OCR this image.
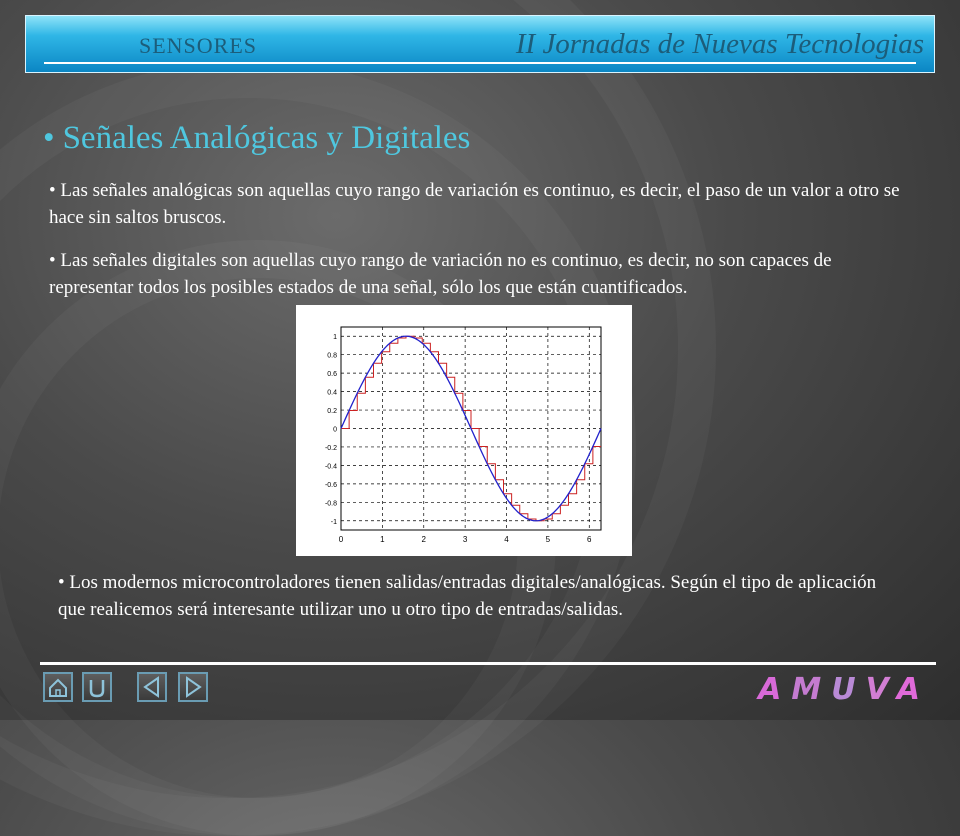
SENSORES	II Jornadas de Nuevas Tecnologias
• Señales Analógicas y Digitales
• Las señales analógicas son aquellas cuyo rango de variación es continuo, es decir, el paso de un valor a otro se hace sin saltos bruscos.
• Las señales digitales son aquellas cuyo rango de variación no es continuo, es decir, no son capaces de representar todos los posibles estados de una señal, sólo los que están cuantificados.
0	1	2	3	4	5	6
1
0.8
0.6
0.4
0.2
0
-0.2
-0.4
-0.6
-0.8
-1
• Los modernos microcontroladores tienen salidas/entradas digitales/analógicas. Según el tipo de aplicación que realicemos será interesante utilizar uno u otro tipo de entradas/salidas.
AMUVA
